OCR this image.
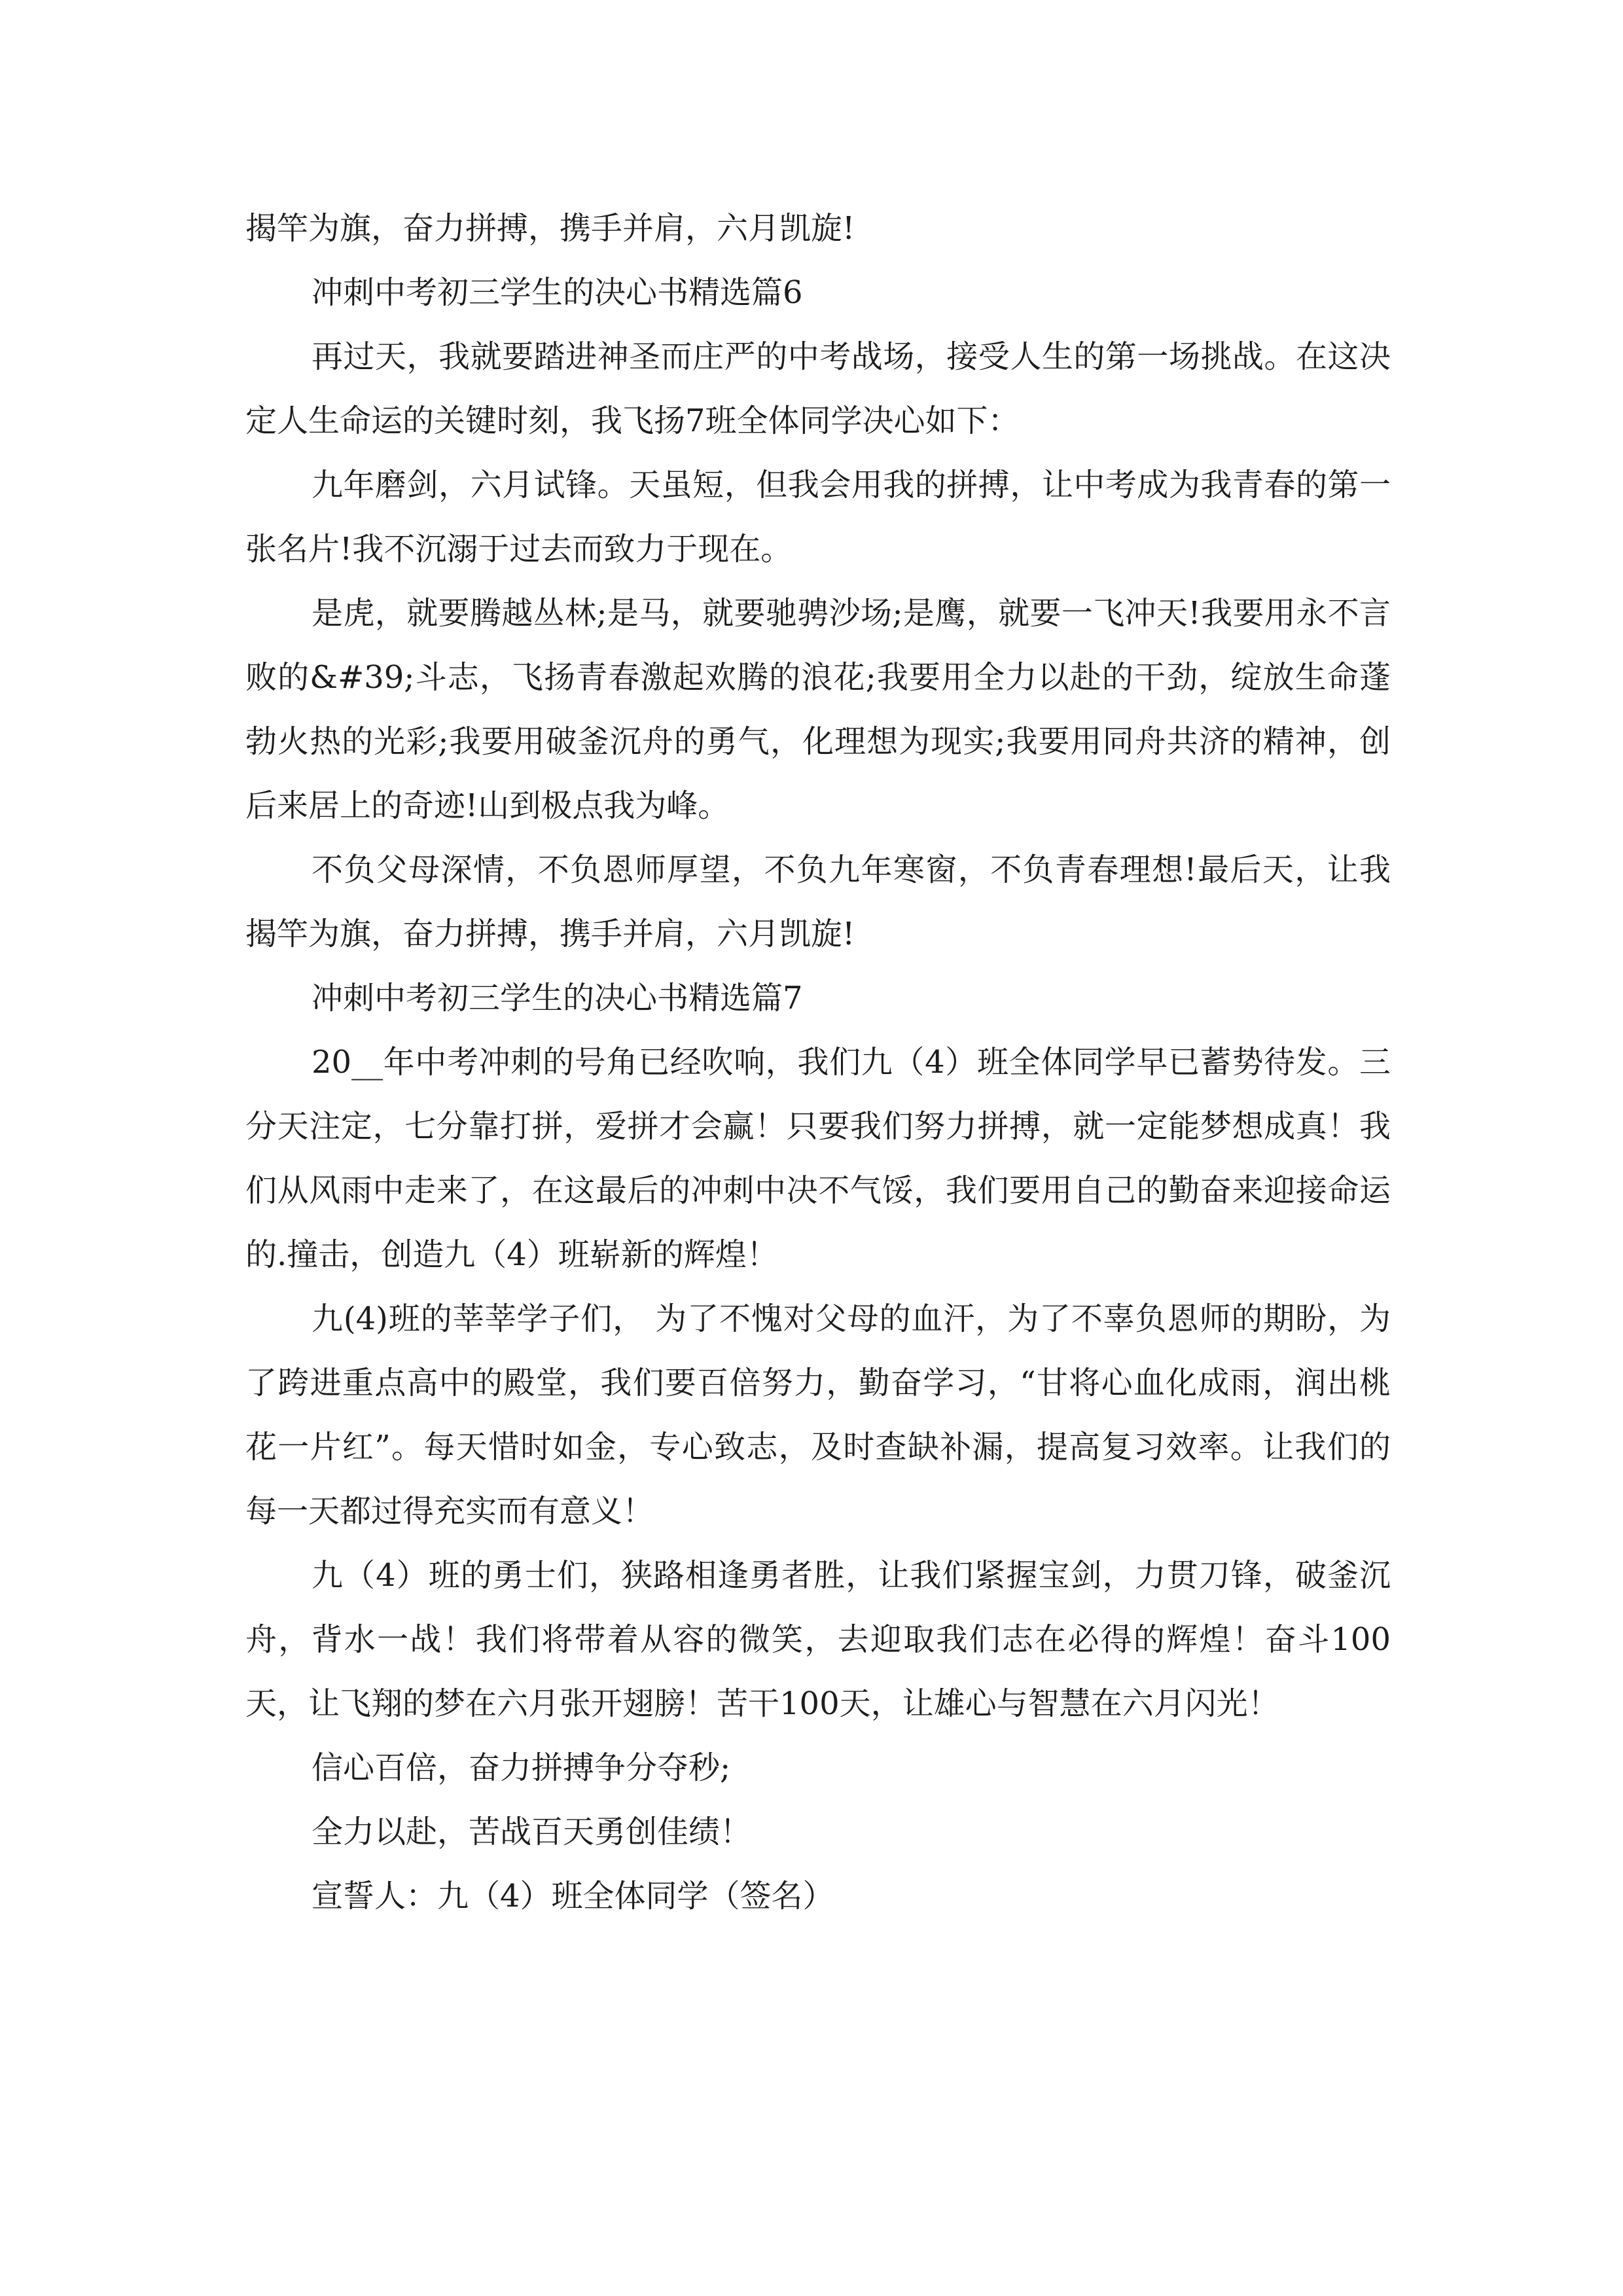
揭竿为旗，奋力拼搏，携手并肩，六月凯旋!

冲刺中考初三学生的决心书精选篇6

再过天，我就要踏进神圣而庄严的中考战场，接受人生的第一场挑战。在这决定人生命运的关键时刻，我飞扬7班全体同学决心如下：

九年磨剑，六月试锋。天虽短，但我会用我的拼搏，让中考成为我青春的第一张名片!我不沉溺于过去而致力于现在。

是虎，就要腾越丛林;是马，就要驰骋沙场;是鹰，就要一飞冲天!我要用永不言败的&#39;斗志，飞扬青春激起欢腾的浪花;我要用全力以赴的干劲，绽放生命蓬勃火热的光彩;我要用破釜沉舟的勇气，化理想为现实;我要用同舟共济的精神，创后来居上的奇迹!山到极点我为峰。

不负父母深情，不负恩师厚望，不负九年寒窗，不负青春理想!最后天，让我揭竿为旗，奋力拼搏，携手并肩，六月凯旋!

冲刺中考初三学生的决心书精选篇7

20__年中考冲刺的号角已经吹响，我们九（4）班全体同学早已蓄势待发。三分天注定，七分靠打拼，爱拼才会赢！只要我们努力拼搏，就一定能梦想成真！我们从风雨中走来了，在这最后的冲刺中决不气馁，我们要用自己的勤奋来迎接命运的.撞击，创造九（4）班崭新的辉煌！

九(4)班的莘莘学子们， 为了不愧对父母的血汗，为了不辜负恩师的期盼，为了跨进重点高中的殿堂，我们要百倍努力，勤奋学习，“甘将心血化成雨，润出桃花一片红”。每天惜时如金，专心致志，及时查缺补漏，提高复习效率。让我们的每一天都过得充实而有意义！

九（4）班的勇士们，狭路相逢勇者胜，让我们紧握宝剑，力贯刀锋，破釜沉舟，背水一战！我们将带着从容的微笑，去迎取我们志在必得的辉煌！奋斗100天，让飞翔的梦在六月张开翅膀！苦干100天，让雄心与智慧在六月闪光！

信心百倍，奋力拼搏争分夺秒;

全力以赴，苦战百天勇创佳绩！

宣誓人：九（4）班全体同学（签名）
